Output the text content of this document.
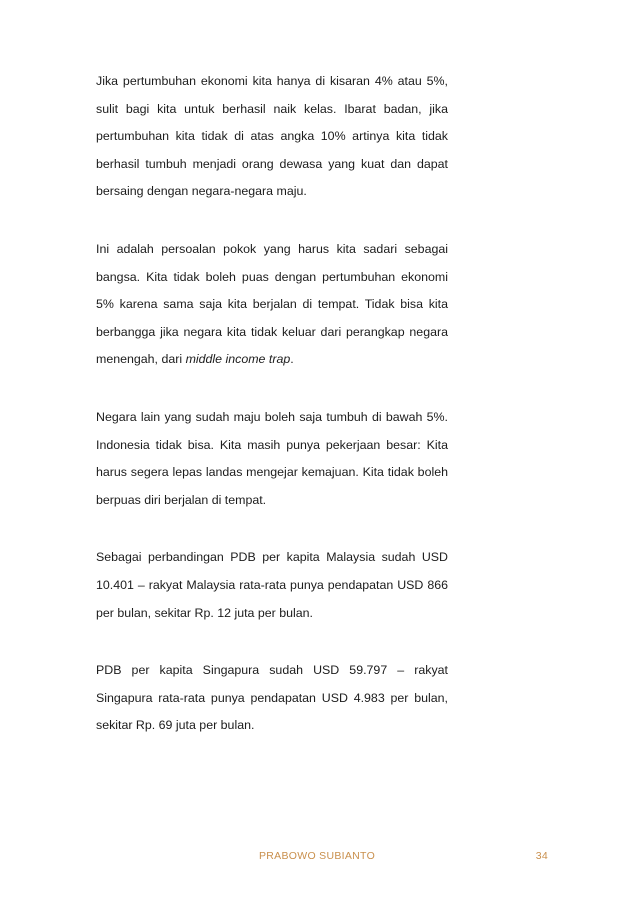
Jika pertumbuhan ekonomi kita hanya di kisaran 4% atau 5%, sulit bagi kita untuk berhasil naik kelas. Ibarat badan, jika pertumbuhan kita tidak di atas angka 10% artinya kita tidak berhasil tumbuh menjadi orang dewasa yang kuat dan dapat bersaing dengan negara-negara maju.

Ini adalah persoalan pokok yang harus kita sadari sebagai bangsa. Kita tidak boleh puas dengan pertumbuhan ekonomi 5% karena sama saja kita berjalan di tempat. Tidak bisa kita berbangga jika negara kita tidak keluar dari perangkap negara menengah, dari middle income trap.

Negara lain yang sudah maju boleh saja tumbuh di bawah 5%. Indonesia tidak bisa. Kita masih punya pekerjaan besar: Kita harus segera lepas landas mengejar kemajuan. Kita tidak boleh berpuas diri berjalan di tempat.

Sebagai perbandingan PDB per kapita Malaysia sudah USD 10.401 – rakyat Malaysia rata-rata punya pendapatan USD 866 per bulan, sekitar Rp. 12 juta per bulan.

PDB per kapita Singapura sudah USD 59.797 – rakyat Singapura rata-rata punya pendapatan USD 4.983 per bulan, sekitar Rp. 69 juta per bulan.

PRABOWO SUBIANTO	34
